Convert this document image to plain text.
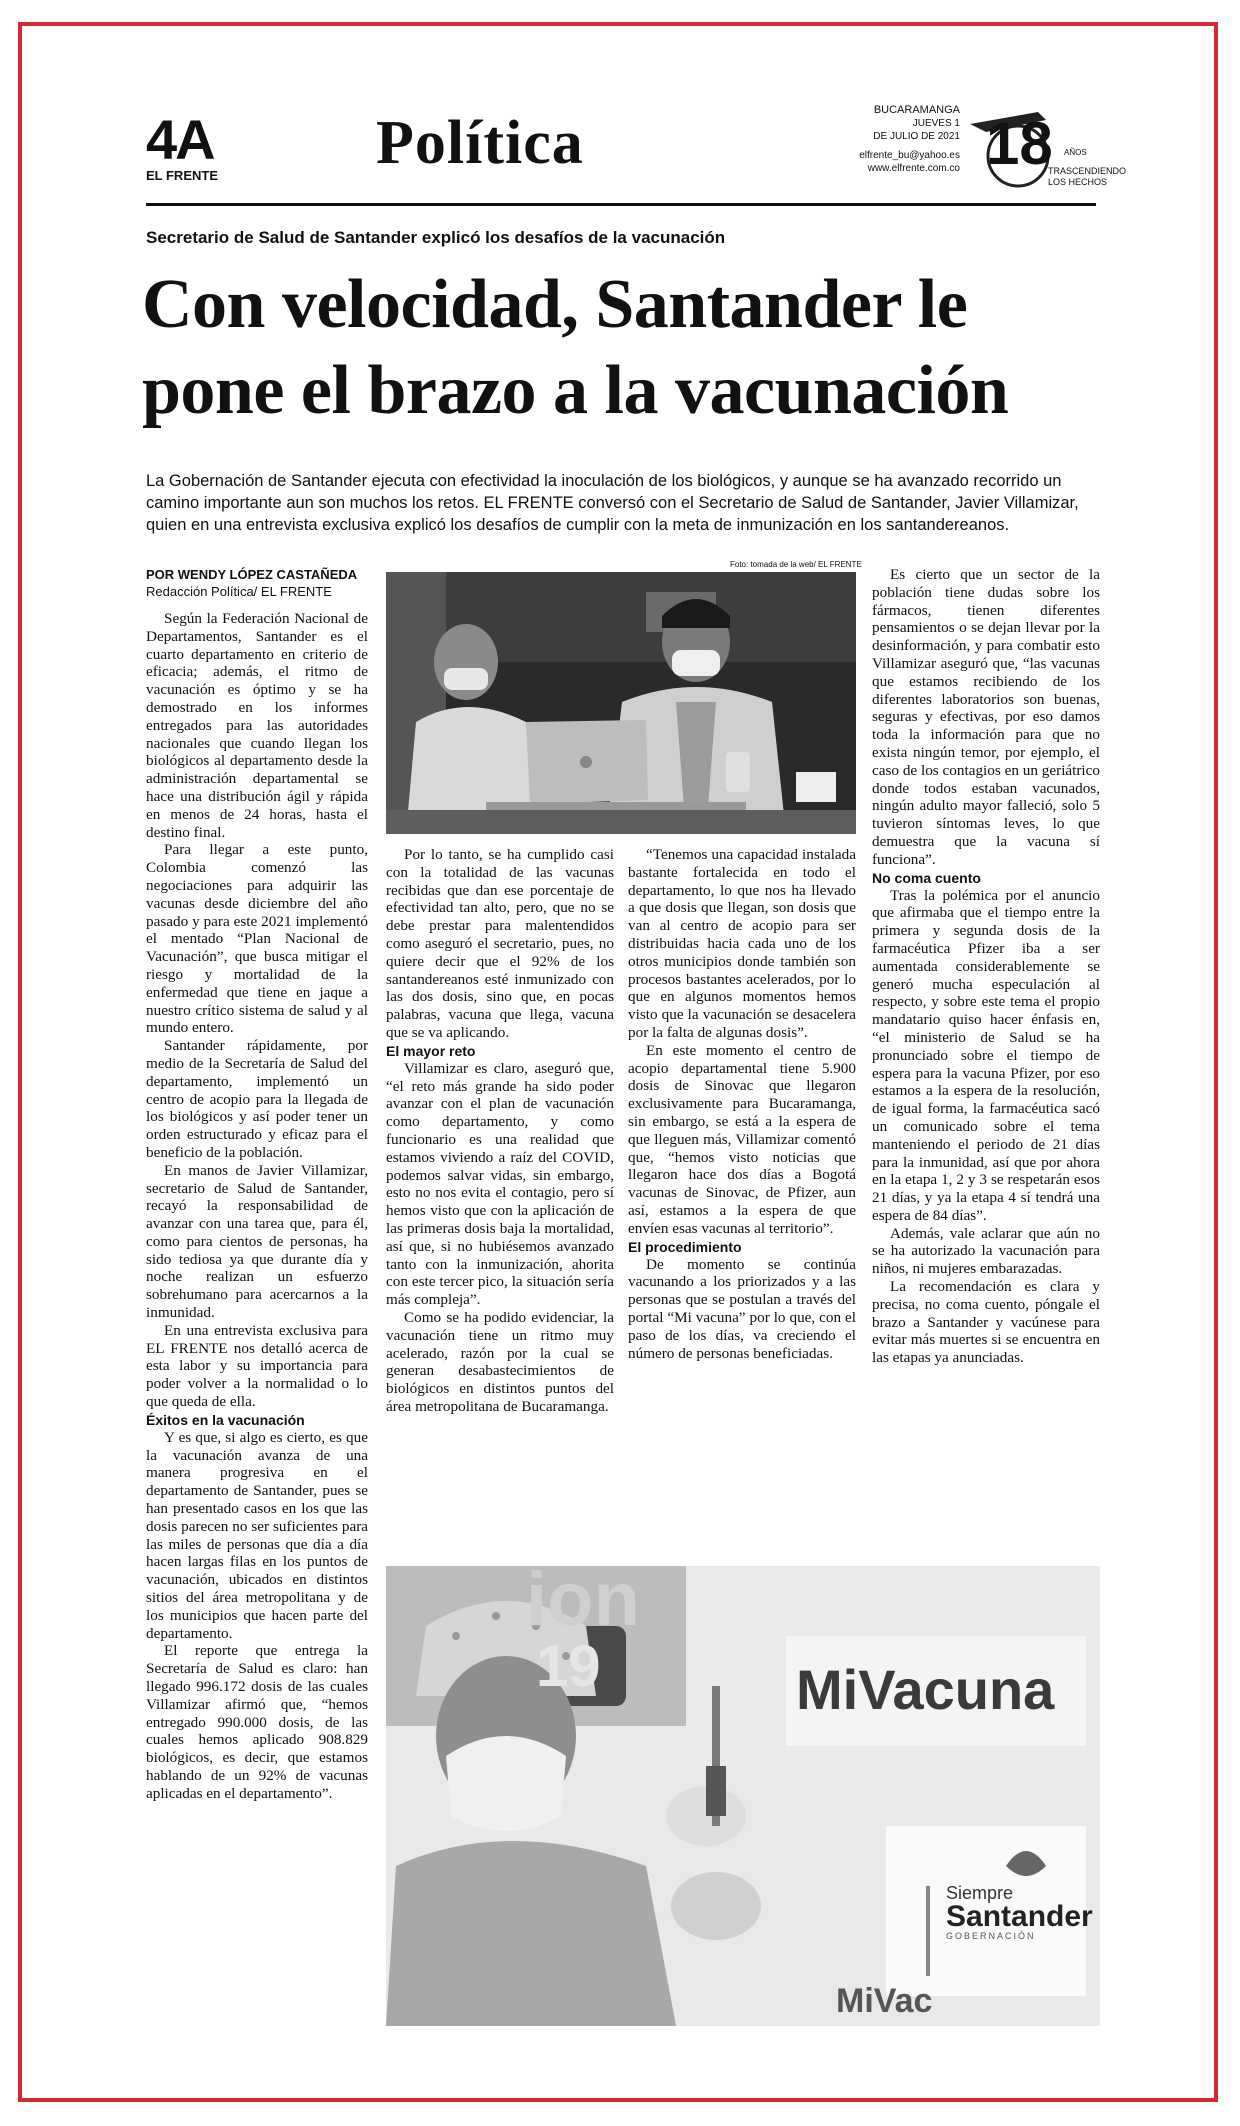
4A
EL FRENTE	Política	BUCARAMANGA
JUEVES 1
DE JULIO DE 2021
elfrente_bu@yahoo.es
www.elfrente.com.co 18 AÑOS
TRASCENDIENDO
LOS HECHOS
Secretario de Salud de Santander explicó los desafíos de la vacunación
Con velocidad, Santander le
pone el brazo a la vacunación
La Gobernación de Santander ejecuta con efectividad la inoculación de los biológicos, y aunque se ha avanzado recorrido un camino importante aun son muchos los retos. EL FRENTE conversó con el Secretario de Salud de Santander, Javier Villamizar, quien en una entrevista exclusiva explicó los desafíos de cumplir con la meta de inmunización en los santandereanos.

POR WENDY LÓPEZ CASTAÑEDA

Redacción Política/ EL FRENTE

Según la Federación Nacional de Departamentos, Santander es el cuarto departamento en criterio de eficacia; además, el ritmo de vacunación es óptimo y se ha demostrado en los informes entregados para las autoridades nacionales que cuando llegan los biológicos al departamento desde la administración departamental se hace una distribución ágil y rápida en menos de 24 horas, hasta el destino final.

Para llegar a este punto, Colombia comenzó las negociaciones para adquirir las vacunas desde diciembre del año pasado y para este 2021 implementó el mentado “Plan Nacional de Vacunación”, que busca mitigar el riesgo y mortalidad de la enfermedad que tiene en jaque a nuestro crítico sistema de salud y al mundo entero.

Santander rápidamente, por medio de la Secretaría de Salud del departamento, implementó un centro de acopio para la llegada de los biológicos y así poder tener un orden estructurado y eficaz para el beneficio de la población.

En manos de Javier Villamizar, secretario de Salud de Santander, recayó la responsabilidad de avanzar con una tarea que, para él, como para cientos de personas, ha sido tediosa ya que durante día y noche realizan un esfuerzo sobrehumano para acercarnos a la inmunidad.

En una entrevista exclusiva para EL FRENTE nos detalló acerca de esta labor y su importancia para poder volver a la normalidad o lo que queda de ella.

Éxitos en la vacunación

Y es que, si algo es cierto, es que la vacunación avanza de una manera progresiva en el departamento de Santander, pues se han presentado casos en los que las dosis parecen no ser suficientes para las miles de personas que día a día hacen largas filas en los puntos de vacunación, ubicados en distintos sitios del área metropolitana y de los municipios que hacen parte del departamento.

El reporte que entrega la Secretaría de Salud es claro: han llegado 996.172 dosis de las cuales Villamizar afirmó que, “hemos entregado 990.000 dosis, de las cuales hemos aplicado 908.829 biológicos, es decir, que estamos hablando de un 92% de vacunas aplicadas en el departamento”.

Foto: tomada de la web/ EL FRENTE

Por lo tanto, se ha cumplido casi con la totalidad de las vacunas recibidas que dan ese porcentaje de efectividad tan alto, pero, que no se debe prestar para malentendidos como aseguró el secretario, pues, no quiere decir que el 92% de los santandereanos esté inmunizado con las dos dosis, sino que, en pocas palabras, vacuna que llega, vacuna que se va aplicando.

El mayor reto

Villamizar es claro, aseguró que, “el reto más grande ha sido poder avanzar con el plan de vacunación como departamento, y como funcionario es una realidad que estamos viviendo a raíz del COVID, podemos salvar vidas, sin embargo, esto no nos evita el contagio, pero sí hemos visto que con la aplicación de las primeras dosis baja la mortalidad, así que, si no hubiésemos avanzado tanto con la inmunización, ahorita con este tercer pico, la situación sería más compleja”.

Como se ha podido evidenciar, la vacunación tiene un ritmo muy acelerado, razón por la cual se generan desabastecimientos de biológicos en distintos puntos del área metropolitana de Bucaramanga.

“Tenemos una capacidad instalada bastante fortalecida en todo el departamento, lo que nos ha llevado a que dosis que llegan, son dosis que van al centro de acopio para ser distribuidas hacia cada uno de los otros municipios donde también son procesos bastantes acelerados, por lo que en algunos momentos hemos visto que la vacunación se desacelera por la falta de algunas dosis”.

En este momento el centro de acopio departamental tiene 5.900 dosis de Sinovac que llegaron exclusivamente para Bucaramanga, sin embargo, se está a la espera de que lleguen más, Villamizar comentó que, “hemos visto noticias que llegaron hace dos días a Bogotá vacunas de Sinovac, de Pfizer, aun así, estamos a la espera de que envíen esas vacunas al territorio”.

El procedimiento

De momento se continúa vacunando a los priorizados y a las personas que se postulan a través del portal “Mi vacuna” por lo que, con el paso de los días, va creciendo el número de personas beneficiadas.

Es cierto que un sector de la población tiene dudas sobre los fármacos, tienen diferentes pensamientos o se dejan llevar por la desinformación, y para combatir esto Villamizar aseguró que, “las vacunas que estamos recibiendo de los diferentes laboratorios son buenas, seguras y efectivas, por eso damos toda la información para que no exista ningún temor, por ejemplo, el caso de los contagios en un geriátrico donde todos estaban vacunados, ningún adulto mayor falleció, solo 5 tuvieron síntomas leves, lo que demuestra que la vacuna sí funciona”.

No coma cuento

Tras la polémica por el anuncio que afirmaba que el tiempo entre la primera y segunda dosis de la farmacéutica Pfizer iba a ser aumentada considerablemente se generó mucha especulación al respecto, y sobre este tema el propio mandatario quiso hacer énfasis en, “el ministerio de Salud se ha pronunciado sobre el tiempo de espera para la vacuna Pfizer, por eso estamos a la espera de la resolución, de igual forma, la farmacéutica sacó un comunicado sobre el tema manteniendo el periodo de 21 días para la inmunidad, así que por ahora en la etapa 1, 2 y 3 se respetarán esos 21 días, y ya la etapa 4 sí tendrá una espera de 84 días”.

Además, vale aclarar que aún no se ha autorizado la vacunación para niños, ni mujeres embarazadas.

La recomendación es clara y precisa, no coma cuento, póngale el brazo a Santander y vacúnese para evitar más muertes si se encuentra en las etapas ya anunciadas.

ion
19	MiVacuna
Siempre
Santander
GOBERNACIÓN
MiVac
